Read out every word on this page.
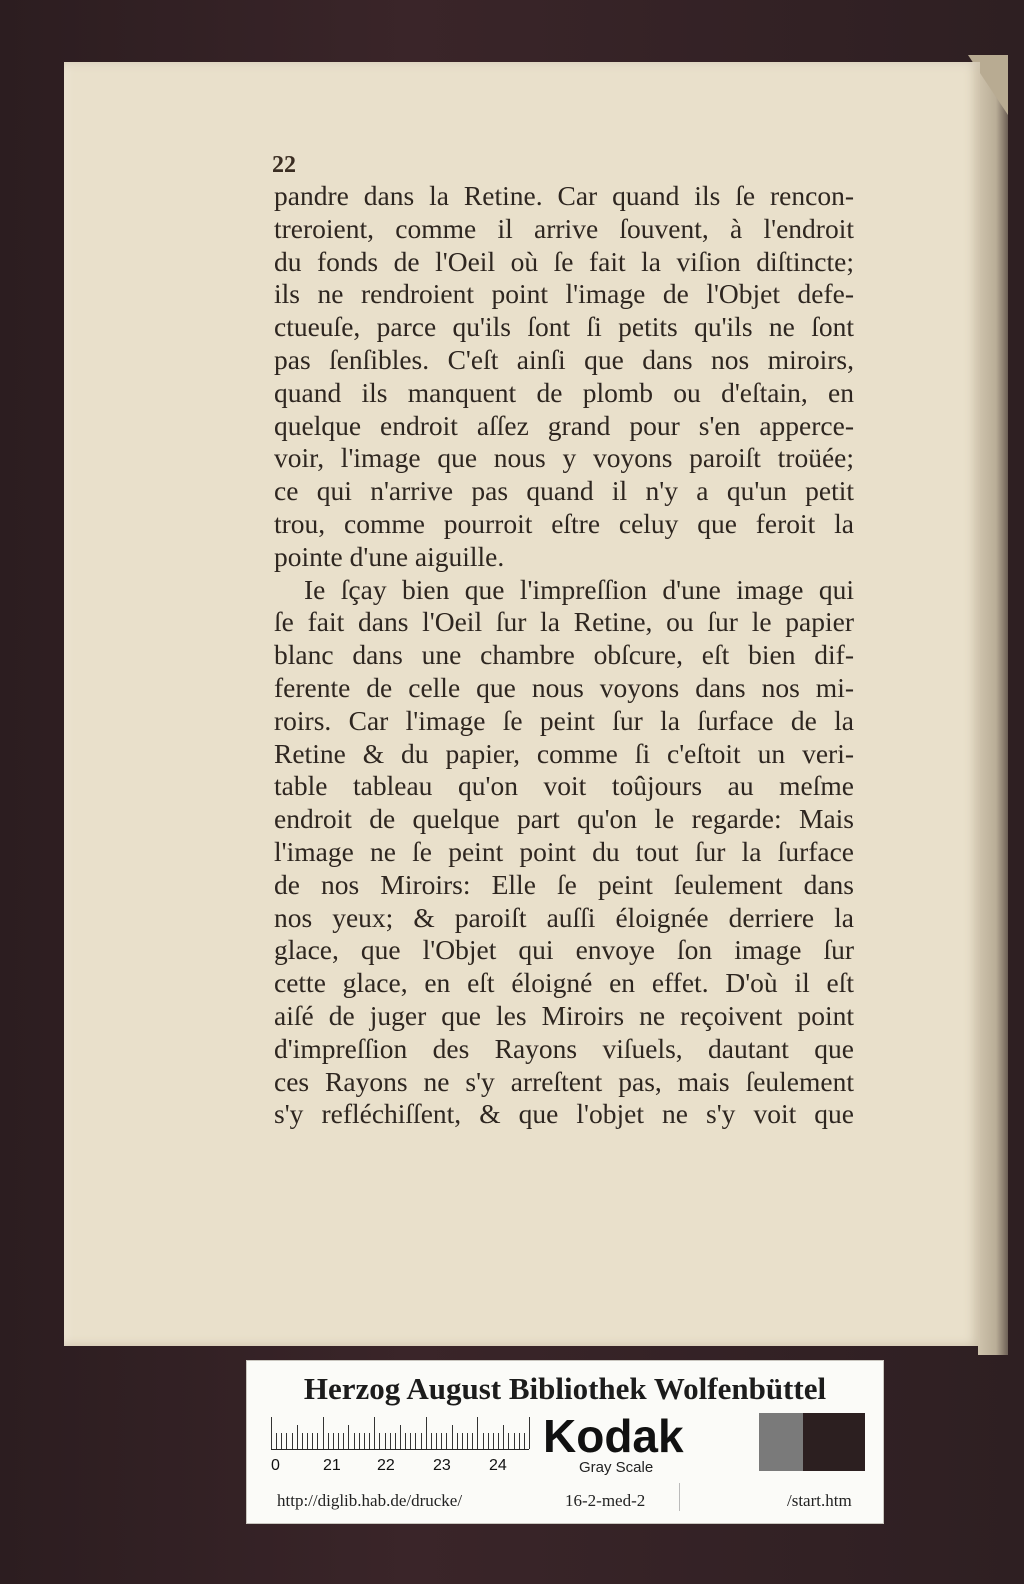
22
pandre dans la Retine. Car quand ils ſe rencon-
treroient, comme il arrive ſouvent, à l'endroit
du fonds de l'Oeil où ſe fait la viſion diſtincte;
ils ne rendroient point l'image de l'Objet defe-
ctueuſe, parce qu'ils ſont ſi petits qu'ils ne ſont
pas ſenſibles. C'eſt ainſi que dans nos miroirs,
quand ils manquent de plomb ou d'eſtain, en
quelque endroit aſſez grand pour s'en apperce-
voir, l'image que nous y voyons paroiſt troüée;
ce qui n'arrive pas quand il n'y a qu'un petit
trou, comme pourroit eſtre celuy que feroit la
pointe d'une aiguille.
Ie ſçay bien que l'impreſſion d'une image qui
ſe fait dans l'Oeil ſur la Retine, ou ſur le papier
blanc dans une chambre obſcure, eſt bien dif-
ferente de celle que nous voyons dans nos mi-
roirs. Car l'image ſe peint ſur la ſurface de la
Retine & du papier, comme ſi c'eſtoit un veri-
table tableau qu'on voit toûjours au meſme
endroit de quelque part qu'on le regarde: Mais
l'image ne ſe peint point du tout ſur la ſurface
de nos Miroirs: Elle ſe peint ſeulement dans
nos yeux; & paroiſt auſſi éloignée derriere la
glace, que l'Objet qui envoye ſon image ſur
cette glace, en eſt éloigné en effet. D'où il eſt
aiſé de juger que les Miroirs ne reçoivent point
d'impreſſion des Rayons viſuels, dautant que
ces Rayons ne s'y arreſtent pas, mais ſeulement
s'y refléchiſſent, & que l'objet ne s'y voit que
Herzog August Bibliothek Wolfenbüttel
0	21 22 23 24
Kodak
Gray Scale
http://diglib.hab.de/drucke/	16-2-med-2	/start.htm
